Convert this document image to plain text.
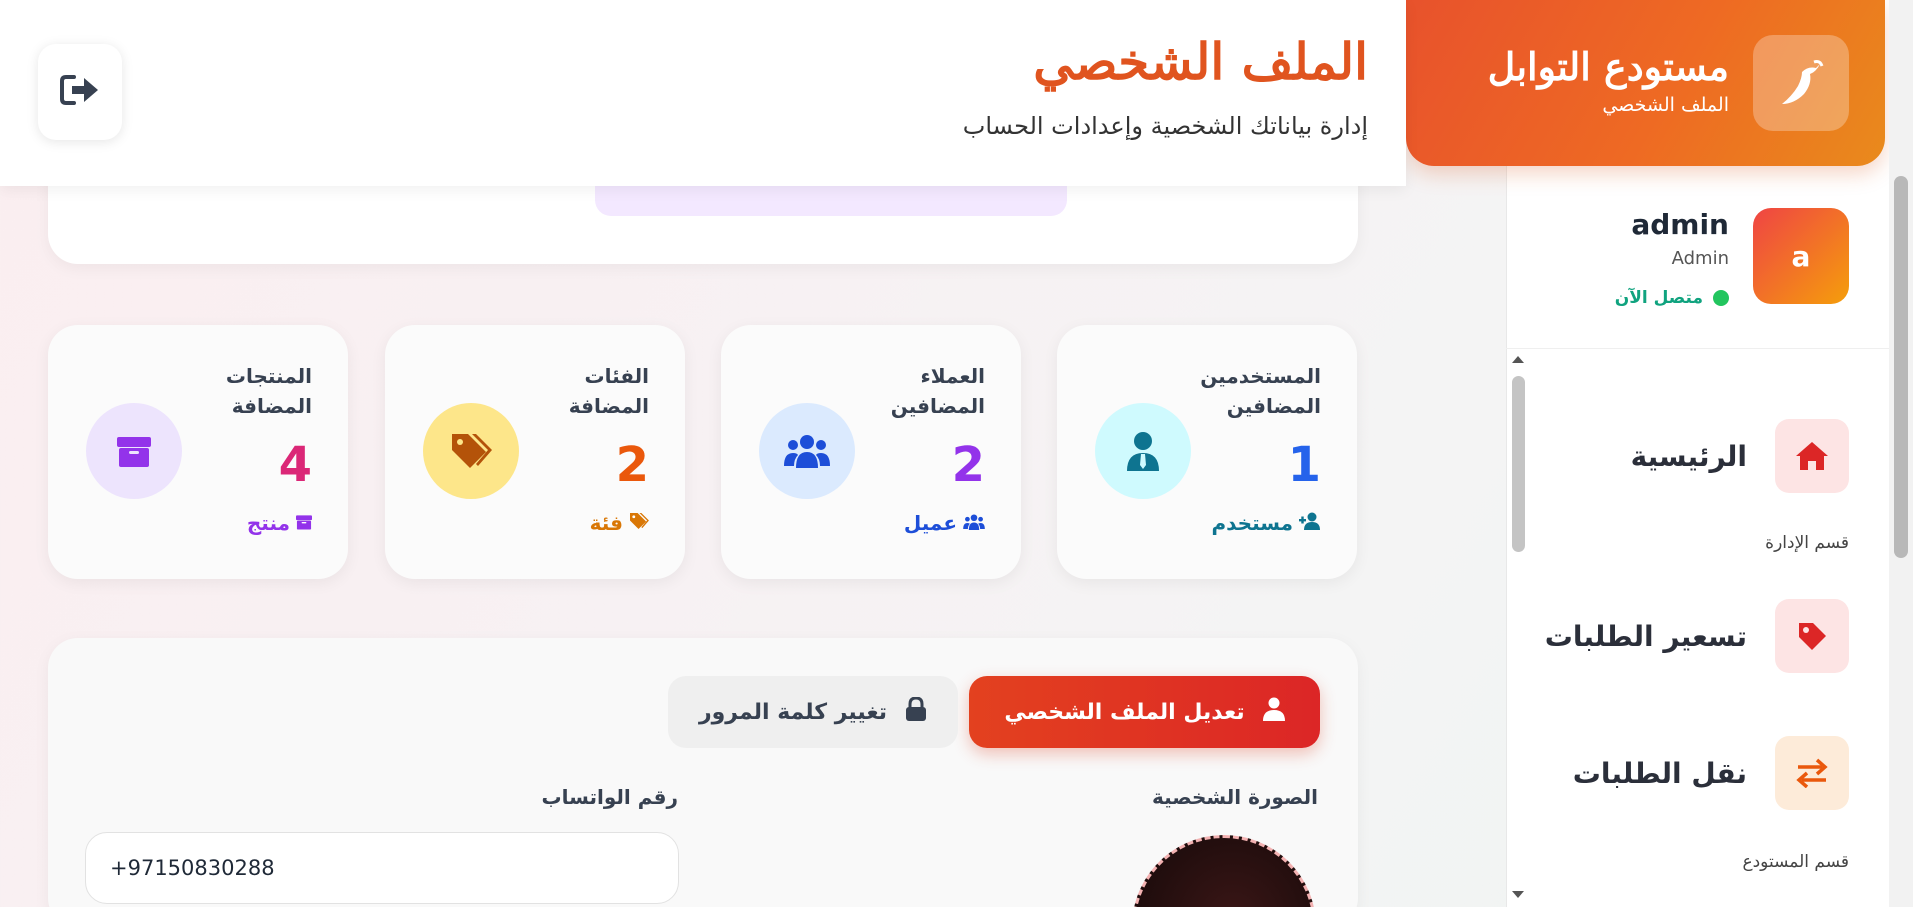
المستخدمين المضافين
1
مستخدم
العملاء المضافين
2
عميل
الفئات المضافة
2
فئة
المنتجات المضافة
4
منتج
تعديل الملف الشخصي
تغيير كلمة المرور
الصورة الشخصية
رقم الواتساب
+97150830288
الملف الشخصي
إدارة بياناتك الشخصية وإعدادات الحساب
a
admin
Admin
متصل الآن
الرئيسية
قسم الإدارة
تسعير الطلبات
نقل الطلبات
قسم المستودع
مستودع التوابل
الملف الشخصي
